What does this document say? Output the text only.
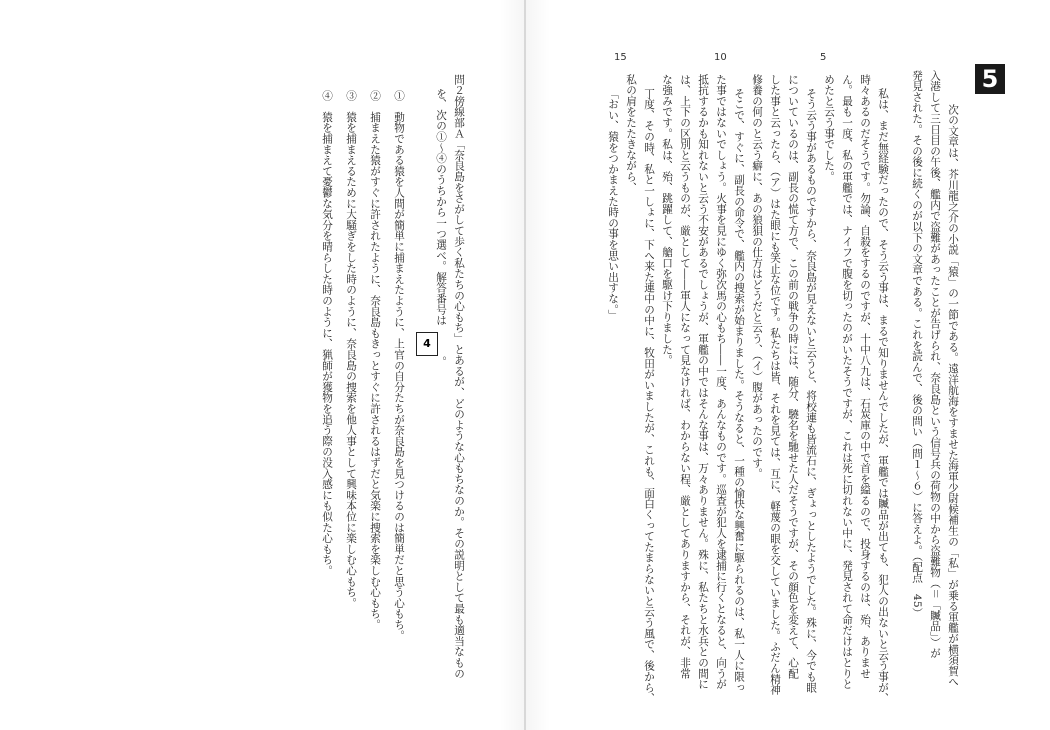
5
次の文章は、芥川龍之介の小説「猿」の一節である。遠洋航海をすませた海軍少尉候補生の「私」が乗る軍艦が横須賀へ
入港して三日目の午後、艦内で盗難があったことが告げられ、奈良島という信号兵の荷物の中から盗難物（＝「贓品」）が
発見された。その後に続くのが以下の文章である。これを読んで、後の問い（問１〜６）に答えよ。（配点　45）
私は、まだ無経験だったので、そう云う事は、まるで知りませんでしたが、軍艦では贓品が出ても、犯人の出ないと云う事が、
時々あるのだそうです。勿論、自殺をするのですが、十中八九は、石炭庫の中で首を縊るので、投身するのは、殆、ありませ
ん。最も一度、私の軍艦では、ナイフで腹を切ったのがいたそうですが、これは死に切れない中に、発見されて命だけはとりと
めたと云う事でした。
そう云う事があるものですから、奈良島が見えないと云うと、将校連も皆流石に、ぎょっとしたようでした。殊に、今でも眼
についているのは、副長の慌て方で、この前の戦争の時には、随分、驍名を馳せた人だそうですが、その顔色を変えて、心配
した事と云ったら、（ア）はた眼にも笑止な位です。私たちは皆、それを見ては、互に、軽蔑の眼を交していました。ふだん精神
修養の何のと云う癖に、あの狼狽の仕方はどうだと云う、（イ）腹があったのです。
そこで、すぐに、副長の命令で、艦内の捜索が始まりました。そうなると、一種の愉快な興奮に駆られるのは、私一人に限っ
た事ではないでしょう。火事を見にゆく弥次馬の心もち――一度、あんなものです。巡査が犯人を逮捕に行くとなると、向うが
抵抗するかも知れないと云う不安があるでしょうが、軍艦の中ではそんな事は、万々ありません。殊に、私たちと水兵との間に
は、上下の区別と云うものが、厳として――軍人になって見なければ、わからない程、厳としてありますから、それが、非常
な強みです。私は、殆、跳躍して、艙口を駆け下りました。
丁度、その時、私と一しょに、下へ来た連中の中に、牧田がいましたが、これも、面白くってたまらないと云う風で、後から、
私の肩をたたきながら、
「おい、猿をつかまえた時の事を思い出すな。」
5
10
15
問２傍線部Ａ「奈良島をさがして歩く私たちの心もち」とあるが、どのような心もちなのか。その説明として最も適当なもの
を、次の①〜④のうちから一つ選べ。解答番号は
4
。
①　動物である猿を人間が簡単に捕まえたように、上官の自分たちが奈良島を見つけるのは簡単だと思う心もち。
②　捕まえた猿がすぐに許されたように、奈良島もきっとすぐに許されるはずだと気楽に捜索を楽しむ心もち。
③　猿を捕まえるために大騒ぎをした時のように、奈良島の捜索を他人事として興味本位に楽しむ心もち。
④　猿を捕まえて憂鬱な気分を晴らした時のように、猟師が獲物を追う際の没入感にも似た心もち。
